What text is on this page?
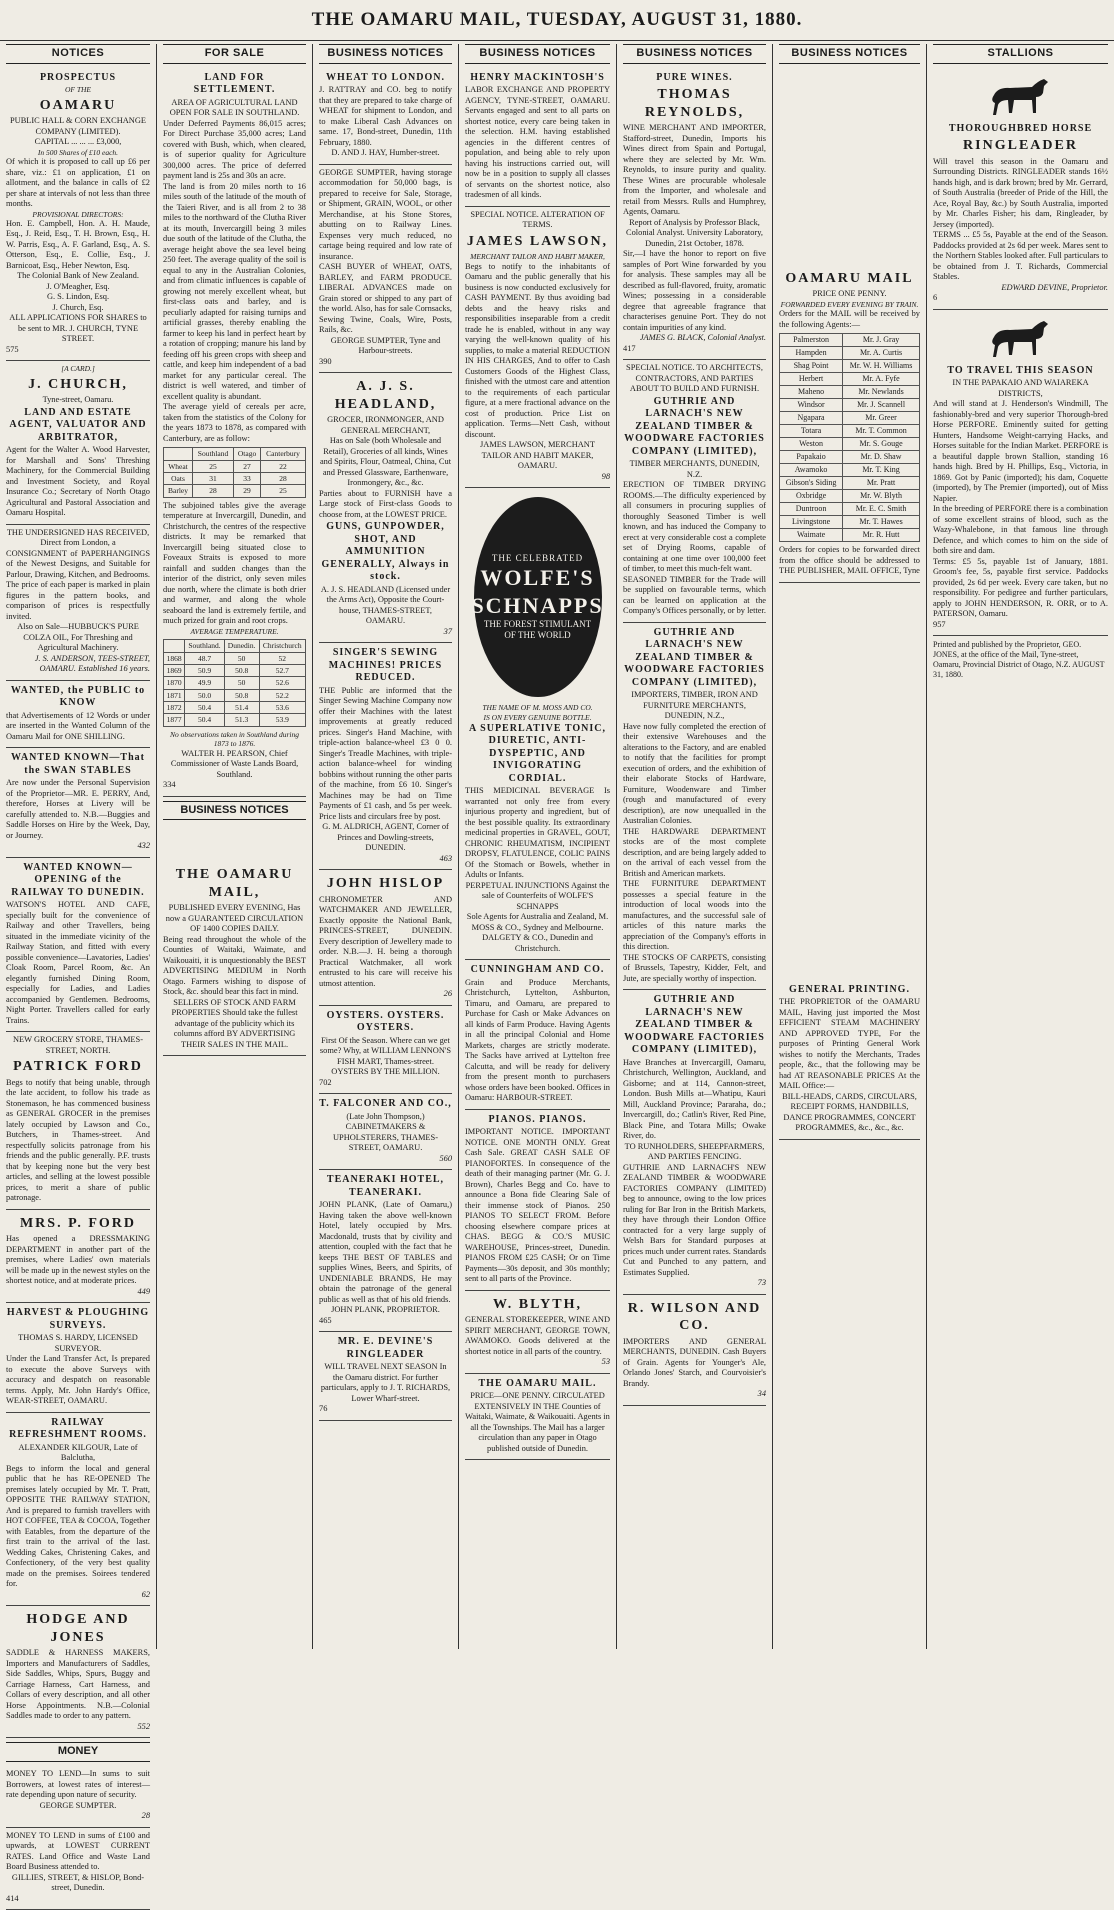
THE OAMARU MAIL, TUESDAY, AUGUST 31, 1880.
NOTICES
PROSPECTUS
OF THE
OAMARU
PUBLIC HALL & CORN EXCHANGE COMPANY (LIMITED).
CAPITAL ... ... ... £3,000,
In 500 Shares of £10 each.

Of which it is proposed to call up £6 per share, viz.: £1 on application, £1 on allotment, and the balance in calls of £2 per share at intervals of not less than three months.

PROVISIONAL DIRECTORS:

Hon. E. Campbell, Hon. A. H. Maude, Esq., J. Reid, Esq., T. H. Brown, Esq., H. W. Parris, Esq., A. F. Garland, Esq., A. S. Otterson, Esq., E. Collie, Esq., J. Barnicoat, Esq., Heber Newton, Esq.

The Colonial Bank of New Zealand.
J. O'Meagher, Esq.
G. S. Lindon, Esq.
J. Church, Esq.
ALL APPLICATIONS FOR SHARES to be sent to MR. J. CHURCH, TYNE STREET.
575
[A CARD.]
J. CHURCH,
Tyne-street, Oamaru.
LAND AND ESTATE AGENT, VALUATOR AND ARBITRATOR,

Agent for the Walter A. Wood Harvester, for Marshall and Sons' Threshing Machinery, for the Commercial Building and Investment Society, and Royal Insurance Co.; Secretary of North Otago Agricultural and Pastoral Association and Oamaru Hospital.

THE UNDERSIGNED HAS RECEIVED, Direct from London, a

CONSIGNMENT of PAPERHANGINGS of the Newest Designs, and Suitable for Parlour, Drawing, Kitchen, and Bedrooms. The price of each paper is marked in plain figures in the pattern books, and comparison of prices is respectfully invited.

Also on Sale—HUBBUCK'S PURE COLZA OIL, For Threshing and Agricultural Machinery.
J. S. ANDERSON, TEES-STREET, OAMARU. Established 16 years.
WANTED, the PUBLIC to KNOW

that Advertisements of 12 Words or under are inserted in the Wanted Column of the Oamaru Mail for ONE SHILLING.

WANTED KNOWN—That the SWAN STABLES

Are now under the Personal Supervision of the Proprietor—MR. E. PERRY, And, therefore, Horses at Livery will be carefully attended to. N.B.—Buggies and Saddle Horses on Hire by the Week, Day, or Journey.

432
WANTED KNOWN—OPENING of the RAILWAY TO DUNEDIN.

WATSON'S HOTEL AND CAFE, specially built for the convenience of Railway and other Travellers, being situated in the immediate vicinity of the Railway Station, and fitted with every possible convenience—Lavatories, Ladies' Cloak Room, Parcel Room, &c. An elegantly furnished Dining Room, especially for Ladies, and Ladies accompanied by Gentlemen. Bedrooms, Night Porter. Travellers called for early Trains.

NEW GROCERY STORE, THAMES-STREET, NORTH.
PATRICK FORD

Begs to notify that being unable, through the late accident, to follow his trade as Stonemason, he has commenced business as GENERAL GROCER in the premises lately occupied by Lawson and Co., Butchers, in Thames-street. And respectfully solicits patronage from his friends and the public generally. P.F. trusts that by keeping none but the very best articles, and selling at the lowest possible prices, to merit a share of public patronage.

MRS. P. FORD

Has opened a DRESSMAKING DEPARTMENT in another part of the premises, where Ladies' own materials will be made up in the newest styles on the shortest notice, and at moderate prices.

449
HARVEST & PLOUGHING SURVEYS.
THOMAS S. HARDY, LICENSED SURVEYOR.

Under the Land Transfer Act, Is prepared to execute the above Surveys with accuracy and despatch on reasonable terms. Apply, Mr. John Hardy's Office, WEAR-STREET, OAMARU.

RAILWAY REFRESHMENT ROOMS.
ALEXANDER KILGOUR, Late of Balclutha,

Begs to inform the local and general public that he has RE-OPENED The premises lately occupied by Mr. T. Pratt, OPPOSITE THE RAILWAY STATION, And is prepared to furnish travellers with HOT COFFEE, TEA & COCOA, Together with Eatables, from the departure of the first train to the arrival of the last. Wedding Cakes, Christening Cakes, and Confectionery, of the very best quality made on the premises. Soirees tendered for.

62
HODGE AND JONES

SADDLE & HARNESS MAKERS, Importers and Manufacturers of Saddles, Side Saddles, Whips, Spurs, Buggy and Carriage Harness, Cart Harness, and Collars of every description, and all other Horse Appointments. N.B.—Colonial Saddles made to order to any pattern.

552
MONEY

MONEY TO LEND—In sums to suit Borrowers, at lowest rates of interest—rate depending upon nature of security.

GEORGE SUMPTER.
28

MONEY TO LEND in sums of £100 and upwards, at LOWEST CURRENT RATES. Land Office and Waste Land Board Business attended to.

GILLIES, STREET, & HISLOP, Bond-street, Dunedin.
414
FOR SALE
LAND FOR SETTLEMENT.
AREA OF AGRICULTURAL LAND OPEN FOR SALE IN SOUTHLAND.

Under Deferred Payments 86,015 acres; For Direct Purchase 35,000 acres; Land covered with Bush, which, when cleared, is of superior quality for Agriculture 300,000 acres. The price of deferred payment land is 25s and 30s an acre.

The land is from 20 miles north to 16 miles south of the latitude of the mouth of the Taieri River, and is all from 2 to 38 miles to the northward of the Clutha River at its mouth, Invercargill being 3 miles due south of the latitude of the Clutha, the average height above the sea level being 250 feet. The average quality of the soil is equal to any in the Australian Colonies, and from climatic influences is capable of growing not merely excellent wheat, but first-class oats and barley, and is peculiarly adapted for raising turnips and artificial grasses, thereby enabling the farmer to keep his land in perfect heart by a rotation of cropping; manure his land by feeding off his green crops with sheep and cattle, and keep him independent of a bad market for any particular cereal. The district is well watered, and timber of excellent quality is abundant.

The average yield of cereals per acre, taken from the statistics of the Colony for the years 1873 to 1878, as compared with Canterbury, are as follow:

	Southland	Otago	Canterbury
Wheat	25	27	22
Oats	31	33	28
Barley	28	29	25

The subjoined tables give the average temperature at Invercargill, Dunedin, and Christchurch, the centres of the respective districts. It may be remarked that Invercargill being situated close to Foveaux Straits is exposed to more rainfall and sudden changes than the interior of the district, only seven miles due north, where the climate is both drier and warmer, and along the whole seaboard the land is extremely fertile, and much prized for grain and root crops.

AVERAGE TEMPERATURE.
	Southland.	Dunedin.	Christchurch
1868	48.7	50	52
1869	50.9	50.8	52.7
1870	49.9	50	52.6
1871	50.0	50.8	52.2
1872	50.4	51.4	53.6
1877	50.4	51.3	53.9
No observations taken in Southland during 1873 to 1876.
WALTER H. PEARSON, Chief Commissioner of Waste Lands Board, Southland.
334
BUSINESS NOTICES
THE OAMARU MAIL,
PUBLISHED EVERY EVENING, Has now a GUARANTEED CIRCULATION OF 1400 COPIES DAILY.

Being read throughout the whole of the Counties of Waitaki, Waimate, and Waikouaiti, it is unquestionably the BEST ADVERTISING MEDIUM in North Otago. Farmers wishing to dispose of Stock, &c. should bear this fact in mind.

SELLERS OF STOCK AND FARM PROPERTIES Should take the fullest advantage of the publicity which its columns afford BY ADVERTISING THEIR SALES IN THE MAIL.
BUSINESS NOTICES
WHEAT TO LONDON.

J. RATTRAY and CO. beg to notify that they are prepared to take charge of WHEAT for shipment to London, and to make Liberal Cash Advances on same. 17, Bond-street, Dunedin, 11th February, 1880.

D. AND J. HAY, Humber-street.

GEORGE SUMPTER, having storage accommodation for 50,000 bags, is prepared to receive for Sale, Storage, or Shipment, GRAIN, WOOL, or other Merchandise, at his Stone Stores, abutting on to Railway Lines. Expenses very much reduced, no cartage being required and low rate of insurance.

CASH BUYER of WHEAT, OATS, BARLEY, and FARM PRODUCE. LIBERAL ADVANCES made on Grain stored or shipped to any part of the world. Also, has for sale Cornsacks, Sewing Twine, Coals, Wire, Posts, Rails, &c.

GEORGE SUMPTER, Tyne and Harbour-streets.
390
A. J. S. HEADLAND,
GROCER, IRONMONGER, AND GENERAL MERCHANT,
Has on Sale (both Wholesale and Retail), Groceries of all kinds, Wines and Spirits, Flour, Oatmeal, China, Cut and Pressed Glassware, Earthenware, Ironmongery, &c., &c.

Parties about to FURNISH have a Large stock of First-class Goods to choose from, at the LOWEST PRICE.

GUNS, GUNPOWDER, SHOT, AND AMMUNITION GENERALLY, Always in stock.
A. J. S. HEADLAND (Licensed under the Arms Act), Opposite the Court-house, THAMES-STREET, OAMARU.
37
SINGER'S SEWING MACHINES! PRICES REDUCED.

THE Public are informed that the Singer Sewing Machine Company now offer their Machines with the latest improvements at greatly reduced prices. Singer's Hand Machine, with triple-action balance-wheel £3 0 0. Singer's Treadle Machines, with triple-action balance-wheel for winding bobbins without running the other parts of the machine, from £6 10. Singer's Machines may be had on Time Payments of £1 cash, and 5s per week. Price lists and circulars free by post.

G. M. ALDRICH, AGENT, Corner of Princes and Dowling-streets, DUNEDIN.
463
JOHN HISLOP

CHRONOMETER AND WATCHMAKER AND JEWELLER, Exactly opposite the National Bank, PRINCES-STREET, DUNEDIN. Every description of Jewellery made to order. N.B.—J. H. being a thorough Practical Watchmaker, all work entrusted to his care will receive his utmost attention.

26
OYSTERS. OYSTERS. OYSTERS.
First Of the Season. Where can we get some? Why, at WILLIAM LENNON'S FISH MART, Thames-street. OYSTERS BY THE MILLION.
702
T. FALCONER AND CO.,
(Late John Thompson,) CABINETMAKERS & UPHOLSTERERS, THAMES-STREET, OAMARU.
560
TEANERAKI HOTEL, TEANERAKI.

JOHN PLANK, (Late of Oamaru,) Having taken the above well-known Hotel, lately occupied by Mrs. Macdonald, trusts that by civility and attention, coupled with the fact that he keeps THE BEST OF TABLES and supplies Wines, Beers, and Spirits, of UNDENIABLE BRANDS, He may obtain the patronage of the general public as well as that of his old friends.

JOHN PLANK, PROPRIETOR.
465
MR. E. DEVINE'S RINGLEADER
WILL TRAVEL NEXT SEASON In the Oamaru district. For further particulars, apply to J. T. RICHARDS, Lower Wharf-street.
76
BUSINESS NOTICES
HENRY MACKINTOSH'S

LABOR EXCHANGE AND PROPERTY AGENCY, TYNE-STREET, OAMARU. Servants engaged and sent to all parts on shortest notice, every care being taken in the selection. H.M. having established agencies in the different centres of population, and being able to rely upon having his instructions carried out, will now be in a position to supply all classes of servants on the shortest notice, also tradesmen of all kinds.

SPECIAL NOTICE. ALTERATION OF TERMS.
JAMES LAWSON,
MERCHANT TAILOR AND HABIT MAKER,

Begs to notify to the inhabitants of Oamaru and the public generally that his business is now conducted exclusively for CASH PAYMENT. By thus avoiding bad debts and the heavy risks and responsibilities inseparable from a credit trade he is enabled, without in any way varying the well-known quality of his supplies, to make a material REDUCTION IN HIS CHARGES, And to offer to Cash Customers Goods of the Highest Class, finished with the utmost care and attention to the requirements of each particular figure, at a mere fractional advance on the cost of production. Price List on application. Terms—Nett Cash, without discount.

JAMES LAWSON, MERCHANT TAILOR AND HABIT MAKER, OAMARU.
98
THE CELEBRATED
WOLFE'S
SCHNAPPS
THE FOREST STIMULANT
OF THE WORLD
THE NAME OF M. MOSS AND CO.
IS ON EVERY GENUINE BOTTLE.
A SUPERLATIVE TONIC, DIURETIC, ANTI-DYSPEPTIC, AND INVIGORATING CORDIAL.

THIS MEDICINAL BEVERAGE Is warranted not only free from every injurious property and ingredient, but of the best possible quality. Its extraordinary medicinal properties in GRAVEL, GOUT, CHRONIC RHEUMATISM, INCIPIENT DROPSY, FLATULENCE, COLIC PAINS Of the Stomach or Bowels, whether in Adults or Infants.

PERPETUAL INJUNCTIONS Against the sale of Counterfeits of WOLFE'S SCHNAPPS
Sole Agents for Australia and Zealand, M. MOSS & CO., Sydney and Melbourne. DALGETY & CO., Dunedin and Christchurch.
CUNNINGHAM AND CO.

Grain and Produce Merchants, Christchurch, Lyttelton, Ashburton, Timaru, and Oamaru, are prepared to Purchase for Cash or Make Advances on all kinds of Farm Produce. Having Agents in all the principal Colonial and Home Markets, charges are strictly moderate. The Sacks have arrived at Lyttelton free Calcutta, and will be ready for delivery from the present month to purchasers whose orders have been booked. Offices in Oamaru: HARBOUR-STREET.

PIANOS. PIANOS.

IMPORTANT NOTICE. IMPORTANT NOTICE. ONE MONTH ONLY. Great Cash Sale. GREAT CASH SALE OF PIANOFORTES. In consequence of the death of their managing partner (Mr. G. J. Brown), Charles Begg and Co. have to announce a Bona fide Clearing Sale of their immense stock of Pianos. 250 PIANOS TO SELECT FROM. Before choosing elsewhere compare prices at CHAS. BEGG & CO.'S MUSIC WAREHOUSE, Princes-street, Dunedin. PIANOS FROM £25 CASH; Or on Time Payments—30s deposit, and 30s monthly; sent to all parts of the Province.

W. BLYTH,

GENERAL STOREKEEPER, WINE AND SPIRIT MERCHANT, GEORGE TOWN, AWAMOKO. Goods delivered at the shortest notice in all parts of the country.

53
THE OAMARU MAIL.
PRICE—ONE PENNY. CIRCULATED EXTENSIVELY IN THE Counties of Waitaki, Waimate, & Waikouaiti. Agents in all the Townships. The Mail has a larger circulation than any paper in Otago published outside of Dunedin.
BUSINESS NOTICES
PURE WINES.
THOMAS REYNOLDS,

WINE MERCHANT AND IMPORTER, Stafford-street, Dunedin, Imports his Wines direct from Spain and Portugal, where they are selected by Mr. Wm. Reynolds, to insure purity and quality. These Wines are procurable wholesale from the Importer, and wholesale and retail from Messrs. Rulls and Humphrey, Agents, Oamaru.

Report of Analysis by Professor Black, Colonial Analyst. University Laboratory, Dunedin, 21st October, 1878.

Sir,—I have the honor to report on five samples of Port Wine forwarded by you for analysis. These samples may all be described as full-flavored, fruity, aromatic Wines; possessing in a considerable degree that agreeable fragrance that characterises genuine Port. They do not contain impurities of any kind.

JAMES G. BLACK, Colonial Analyst.
417
SPECIAL NOTICE. TO ARCHITECTS, CONTRACTORS, AND PARTIES ABOUT TO BUILD AND FURNISH.
GUTHRIE AND LARNACH'S NEW ZEALAND TIMBER & WOODWARE FACTORIES COMPANY (LIMITED),
TIMBER MERCHANTS, DUNEDIN, N.Z.

ERECTION OF TIMBER DRYING ROOMS.—The difficulty experienced by all consumers in procuring supplies of thoroughly Seasoned Timber is well known, and has induced the Company to erect at very considerable cost a complete set of Drying Rooms, capable of containing at one time over 100,000 feet of timber, to meet this much-felt want.

SEASONED TIMBER for the Trade will be supplied on favourable terms, which can be learned on application at the Company's Offices personally, or by letter.

GUTHRIE AND LARNACH'S NEW ZEALAND TIMBER & WOODWARE FACTORIES COMPANY (LIMITED),
IMPORTERS, TIMBER, IRON AND FURNITURE MERCHANTS, DUNEDIN, N.Z.,

Have now fully completed the erection of their extensive Warehouses and the alterations to the Factory, and are enabled to notify that the facilities for prompt execution of orders, and the exhibition of their elaborate Stocks of Hardware, Furniture, Woodenware and Timber (rough and manufactured of every description), are now unequalled in the Australian Colonies.

THE HARDWARE DEPARTMENT stocks are of the most complete description, and are being largely added to on the arrival of each vessel from the British and American markets.

THE FURNITURE DEPARTMENT possesses a special feature in the introduction of local woods into the manufactures, and the successful sale of articles of this nature marks the appreciation of the Company's efforts in this direction.

THE STOCKS OF CARPETS, consisting of Brussels, Tapestry, Kidder, Felt, and Jute, are specially worthy of inspection.

GUTHRIE AND LARNACH'S NEW ZEALAND TIMBER & WOODWARE FACTORIES COMPANY (LIMITED),

Have Branches at Invercargill, Oamaru, Christchurch, Wellington, Auckland, and Gisborne; and at 114, Cannon-street, London. Bush Mills at—Whatipu, Kauri Mill, Auckland Province; Pararaha, do.; Invercargill, do.; Catlin's River, Red Pine, Black Pine, and Totara Mills; Owake River, do.

TO RUNHOLDERS, SHEEPFARMERS, AND PARTIES FENCING.

GUTHRIE AND LARNACH'S NEW ZEALAND TIMBER & WOODWARE FACTORIES COMPANY (LIMITED) beg to announce, owing to the low prices ruling for Bar Iron in the British Markets, they have through their London Office contracted for a very large supply of Welsh Bars for Standard purposes at prices much under current rates. Standards Cut and Punched to any pattern, and Estimates Supplied.

73
R. WILSON AND CO.

IMPORTERS AND GENERAL MERCHANTS, DUNEDIN. Cash Buyers of Grain. Agents for Younger's Ale, Orlando Jones' Starch, and Courvoisier's Brandy.

34
BUSINESS NOTICES
OAMARU MAIL
PRICE ONE PENNY.
FORWARDED EVERY EVENING BY TRAIN.

Orders for the MAIL will be received by the following Agents:—

Palmerston	Mr. J. Gray
Hampden	Mr. A. Curtis
Shag Point	Mr. W. H. Williams
Herbert	Mr. A. Fyfe
Maheno	Mr. Newlands
Windsor	Mr. J. Scannell
Ngapara	Mr. Greer
Totara	Mr. T. Common
Weston	Mr. S. Gouge
Papakaio	Mr. D. Shaw
Awamoko	Mr. T. King
Gibson's Siding	Mr. Pratt
Oxbridge	Mr. W. Blyth
Duntroon	Mr. E. C. Smith
Livingstone	Mr. T. Hawes
Waimate	Mr. R. Hutt

Orders for copies to be forwarded direct from the office should be addressed to THE PUBLISHER, MAIL OFFICE, Tyne

GENERAL PRINTING.

THE PROPRIETOR of the OAMARU MAIL, Having just imported the Most EFFICIENT STEAM MACHINERY AND APPROVED TYPE, For the purposes of Printing General Work wishes to notify the Merchants, Trades people, &c., that the following may be had AT REASONABLE PRICES At the MAIL Office:—

BILL-HEADS, CARDS, CIRCULARS, RECEIPT FORMS, HANDBILLS, DANCE PROGRAMMES, CONCERT PROGRAMMES, &c., &c., &c.
STALLIONS
THOROUGHBRED HORSE
RINGLEADER

Will travel this season in the Oamaru and Surrounding Districts. RINGLEADER stands 16½ hands high, and is dark brown; bred by Mr. Gerrard, of South Australia (breeder of Pride of the Hill, the Ace, Royal Bay, &c.) by South Australia, imported by Mr. Charles Fisher; his dam, Ringleader, by Jersey (imported).

TERMS ... £5 5s, Payable at the end of the Season. Paddocks provided at 2s 6d per week. Mares sent to the Northern Stables looked after. Full particulars to be obtained from J. T. Richards, Commercial Stables.

EDWARD DEVINE, Proprietor.
6
TO TRAVEL THIS SEASON
IN THE PAPAKAIO AND WAIAREKA DISTRICTS,

And will stand at J. Henderson's Windmill, The fashionably-bred and very superior Thorough-bred Horse PERFORE. Eminently suited for getting Hunters, Handsome Weight-carrying Hacks, and Horses suitable for the Indian Market. PERFORE is a beautiful dapple brown Stallion, standing 16 hands high. Bred by H. Phillips, Esq., Victoria, in 1869. Got by Panic (imported); his dam, Coquette (imported), by The Premier (imported), out of Miss Napier.

In the breeding of PERFORE there is a combination of some excellent strains of blood, such as the Wazy-Whalebone, in that famous line through Defence, and which comes to him on the side of both sire and dam.

Terms: £5 5s, payable 1st of January, 1881. Groom's fee, 5s, payable first service. Paddocks provided, 2s 6d per week. Every care taken, but no responsibility. For pedigree and further particulars, apply to JOHN HENDERSON, R. ORR, or to A. PATERSON, Oamaru.

957
Printed and published by the Proprietor, GEO. JONES, at the office of the Mail, Tyne-street, Oamaru, Provincial District of Otago, N.Z. AUGUST 31, 1880.
